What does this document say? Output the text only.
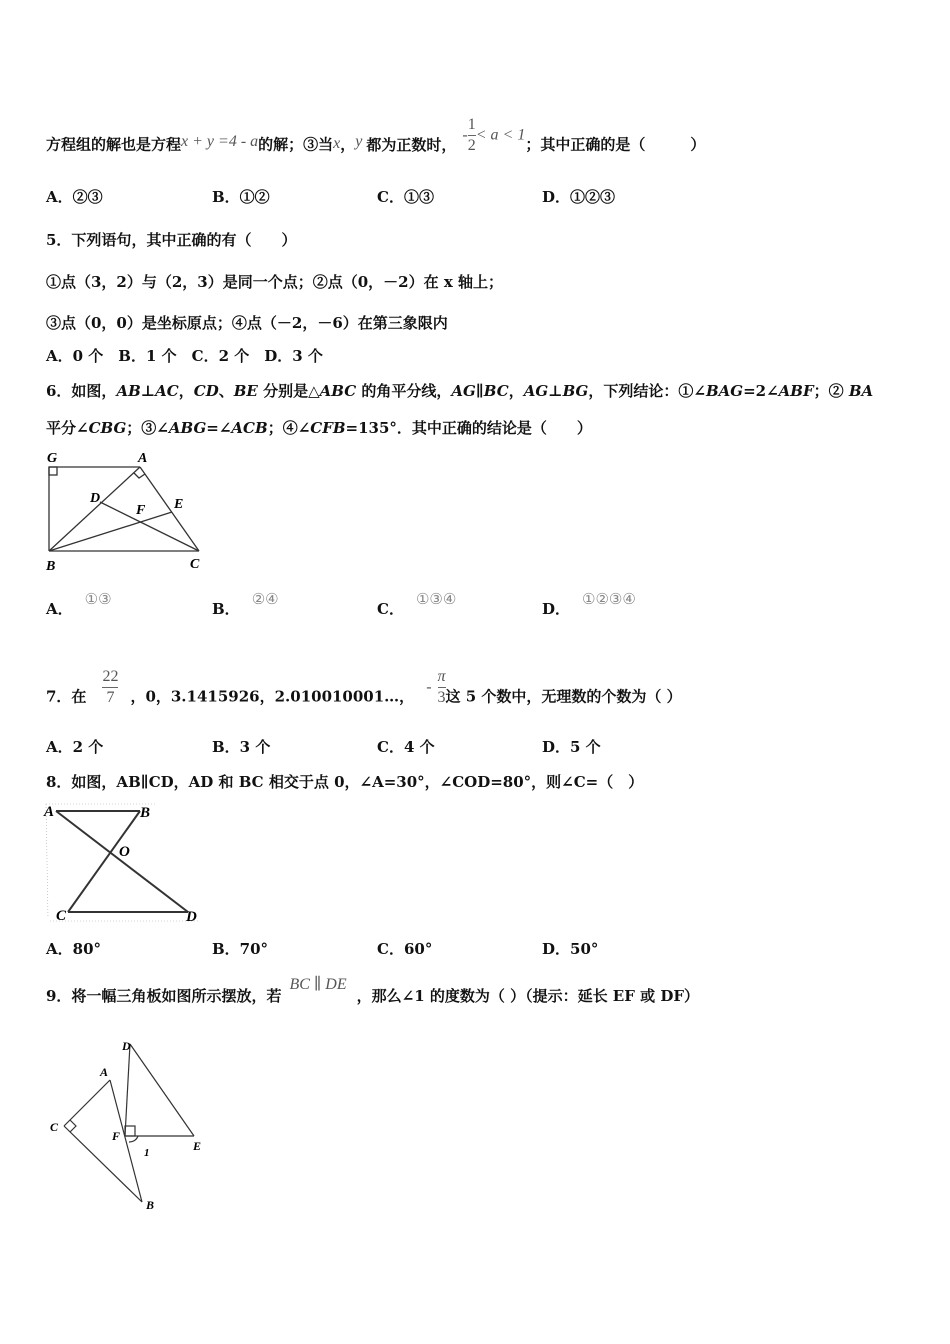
方程组的解也是方程x + y =4 - a的解；③当x，y 都为正数时，$-\frac{1}{2}< a < 1$；其中正确的是（　　　）
A．②③	B．①②	C．①③	D．①②③
5．下列语句，其中正确的有（　　）
①点（3，2）与（2，3）是同一个点；②点（0，－2）在 x 轴上；
③点（0，0）是坐标原点；④点（－2，－6）在第三象限内
A．0 个　B．1 个　C．2 个　D．3 个
6．如图，AB⊥AC，CD、BE 分别是△ABC 的角平分线，AG∥BC，AG⊥BG，下列结论：①∠BAG=2∠ABF；② BA
平分∠CBG；③∠ABG=∠ACB；④∠CFB=135°．其中正确的结论是（　　）
G	A
D
F E
B	C
A．①③
B．②④
C．①③④
D．①②③④
7．在 $\frac{22}{7}$ ，0，3.1415926，2.010010001…，- $\frac{\pi}{3}$这 5 个数中，无理数的个数为（ ）
A．2 个	B．3 个	C．4 个	D．5 个
8．如图，AB∥CD，AD 和 BC 相交于点 0，∠A=30°，∠COD=80°，则∠C=（　）
A	B
O
C	D
A．80°	B．70°	C．60°	D．50°
9．将一幅三角板如图所示摆放，若BC ∥ DE，那么∠1 的度数为（ ）（提示：延长 EF 或 DF）
D
A
C
F
E
1
B
